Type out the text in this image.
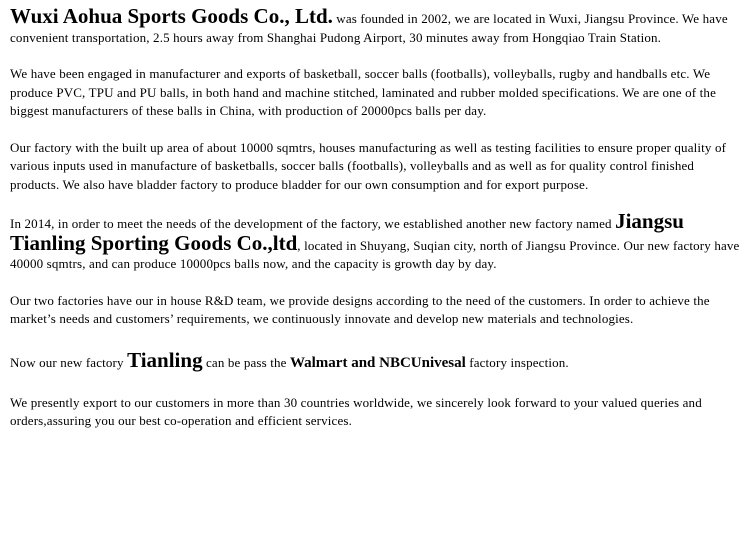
Wuxi Aohua Sports Goods Co., Ltd. was founded in 2002, we are located in Wuxi, Jiangsu Province. We have convenient transportation, 2.5 hours away from Shanghai Pudong Airport, 30 minutes away from Hongqiao Train Station.

We have been engaged in manufacturer and exports of basketball, soccer balls (footballs), volleyballs, rugby and handballs etc. We produce PVC, TPU and PU balls, in both hand and machine stitched, laminated and rubber molded specifications. We are one of the biggest manufacturers of these balls in China, with production of 20000pcs balls per day.

Our factory with the built up area of about 10000 sqmtrs, houses manufacturing as well as testing facilities to ensure proper quality of various inputs used in manufacture of basketballs, soccer balls (footballs), volleyballs and as well as for quality control finished products. We also have bladder factory to produce bladder for our own consumption and for export purpose.

In 2014, in order to meet the needs of the development of the factory, we established another new factory named Jiangsu Tianling Sporting Goods Co.,ltd, located in Shuyang, Suqian city, north of Jiangsu Province. Our new factory have 40000 sqmtrs, and can produce 10000pcs balls now, and the capacity is growth day by day.

Our two factories have our in house R&D team, we provide designs according to the need of the customers. In order to achieve the market’s needs and customers’ requirements, we continuously innovate and develop new materials and technologies.

Now our new factory Tianling can be pass the Walmart and NBCUnivesal factory inspection.

We presently export to our customers in more than 30 countries worldwide, we sincerely look forward to your valued queries and orders,assuring you our best co-operation and efficient services.
